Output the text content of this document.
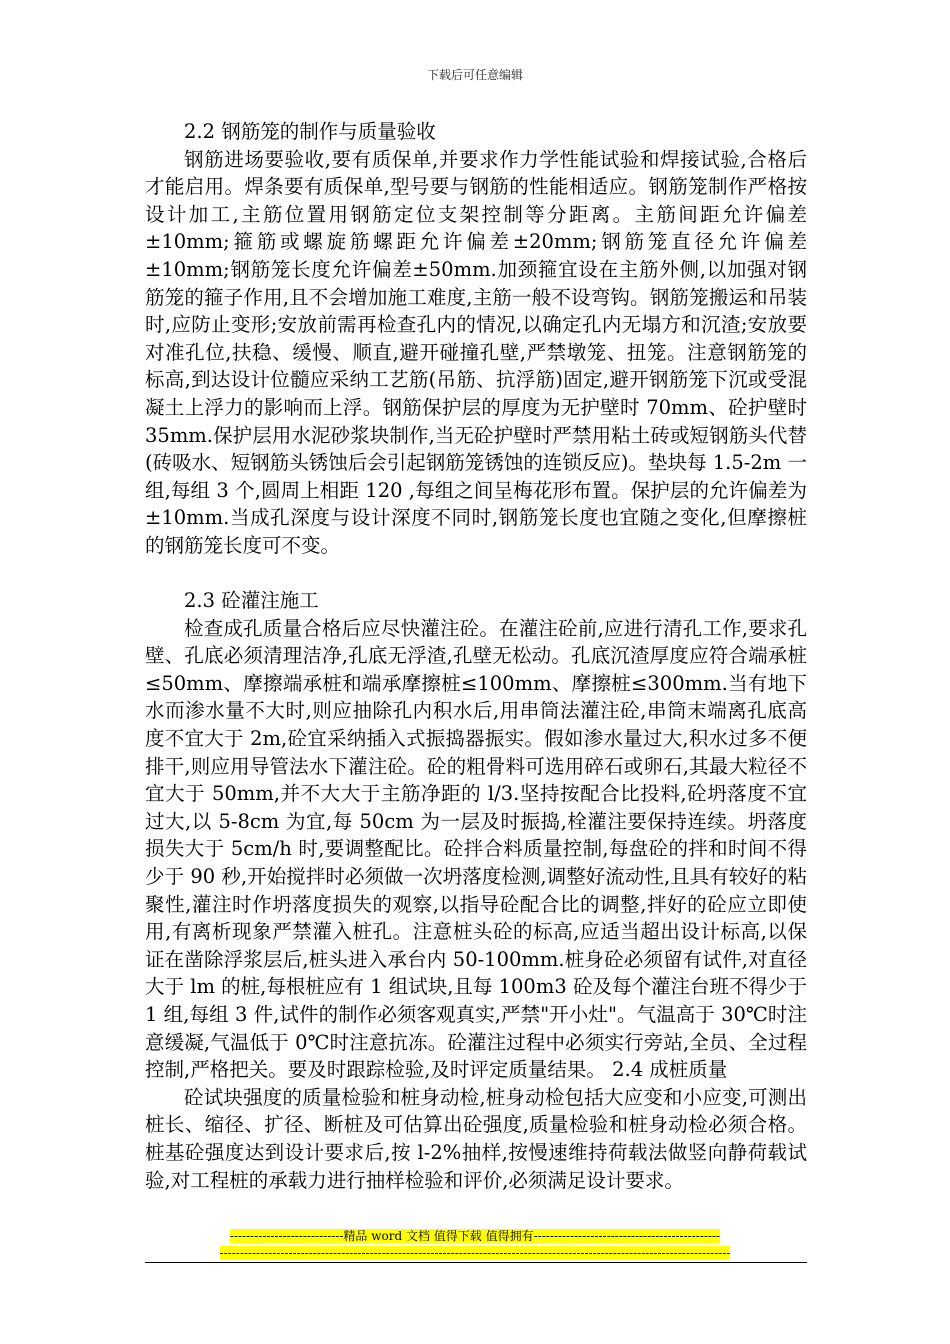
下载后可任意编辑
2.2 钢筋笼的制作与质量验收

钢筋进场要验收,要有质保单,并要求作力学性能试验和焊接试验,合格后才能启用。焊条要有质保单,型号要与钢筋的性能相适应。钢筋笼制作严格按设计加工,主筋位置用钢筋定位支架控制等分距离。主筋间距允许偏差±10mm;箍筋或螺旋筋螺距允许偏差±20mm;钢筋笼直径允许偏差±10mm;钢筋笼长度允许偏差±50mm.加颈箍宜设在主筋外侧,以加强对钢筋笼的箍子作用,且不会增加施工难度,主筋一般不设弯钩。钢筋笼搬运和吊装时,应防止变形;安放前需再检查孔内的情况,以确定孔内无塌方和沉渣;安放要对准孔位,扶稳、缓慢、顺直,避开碰撞孔壁,严禁墩笼、扭笼。注意钢筋笼的标高,到达设计位髓应采纳工艺筋(吊筋、抗浮筋)固定,避开钢筋笼下沉或受混凝土上浮力的影响而上浮。钢筋保护层的厚度为无护壁时 70mm、砼护壁时 35mm.保护层用水泥砂浆块制作,当无砼护壁时严禁用粘土砖或短钢筋头代替(砖吸水、短钢筋头锈蚀后会引起钢筋笼锈蚀的连锁反应)。垫块每 1.5-2m 一组,每组 3 个,圆周上相距 120 ,每组之间呈梅花形布置。保护层的允许偏差为±10mm.当成孔深度与设计深度不同时,钢筋笼长度也宜随之变化,但摩擦桩的钢筋笼长度可不变。

2.3 砼灌注施工

检查成孔质量合格后应尽快灌注砼。在灌注砼前,应进行清孔工作,要求孔壁、孔底必须清理洁净,孔底无浮渣,孔壁无松动。孔底沉渣厚度应符合端承桩≤50mm、摩擦端承桩和端承摩擦桩≤100mm、摩擦桩≤300mm.当有地下水而渗水量不大时,则应抽除孔内积水后,用串筒法灌注砼,串筒末端离孔底高度不宜大于 2m,砼宜采纳插入式振捣器振实。假如渗水量过大,积水过多不便排干,则应用导管法水下灌注砼。砼的粗骨料可选用碎石或卵石,其最大粒径不宜大于 50mm,并不大大于主筋净距的 l/3.坚持按配合比投料,砼坍落度不宜过大,以 5-8cm 为宜,每 50cm 为一层及时振捣,栓灌注要保持连续。坍落度损失大于 5cm/h 时,要调整配比。砼拌合料质量控制,每盘砼的拌和时间不得少于 90 秒,开始搅拌时必须做一次坍落度检测,调整好流动性,且具有较好的粘聚性,灌注时作坍落度损失的观察,以指导砼配合比的调整,拌好的砼应立即使用,有离析现象严禁灌入桩孔。注意桩头砼的标高,应适当超出设计标高,以保证在凿除浮浆层后,桩头进入承台内 50-100mm.桩身砼必须留有试件,对直径大于 lm 的桩,每根桩应有 1 组试块,且每 100m3 砼及每个灌注台班不得少于 1 组,每组 3 件,试件的制作必须客观真实,严禁"开小灶"。气温高于 30℃时注意缓凝,气温低于 0℃时注意抗冻。砼灌注过程中必须实行旁站,全员、全过程控制,严格把关。要及时跟踪检验,及时评定质量结果。 2.4 成桩质量

砼试块强度的质量检验和桩身动检,桩身动检包括大应变和小应变,可测出桩长、缩径、扩径、断桩及可估算出砼强度,质量检验和桩身动检必须合格。桩基砼强度达到设计要求后,按 l-2%抽样,按慢速维持荷载法做竖向静荷载试验,对工程桩的承载力进行抽样检验和评价,必须满足设计要求。

----------------------------精品 word 文档 值得下载 值得拥有----------------------------------------------
------------------------------------------------------------------------------------------------------------------------------
